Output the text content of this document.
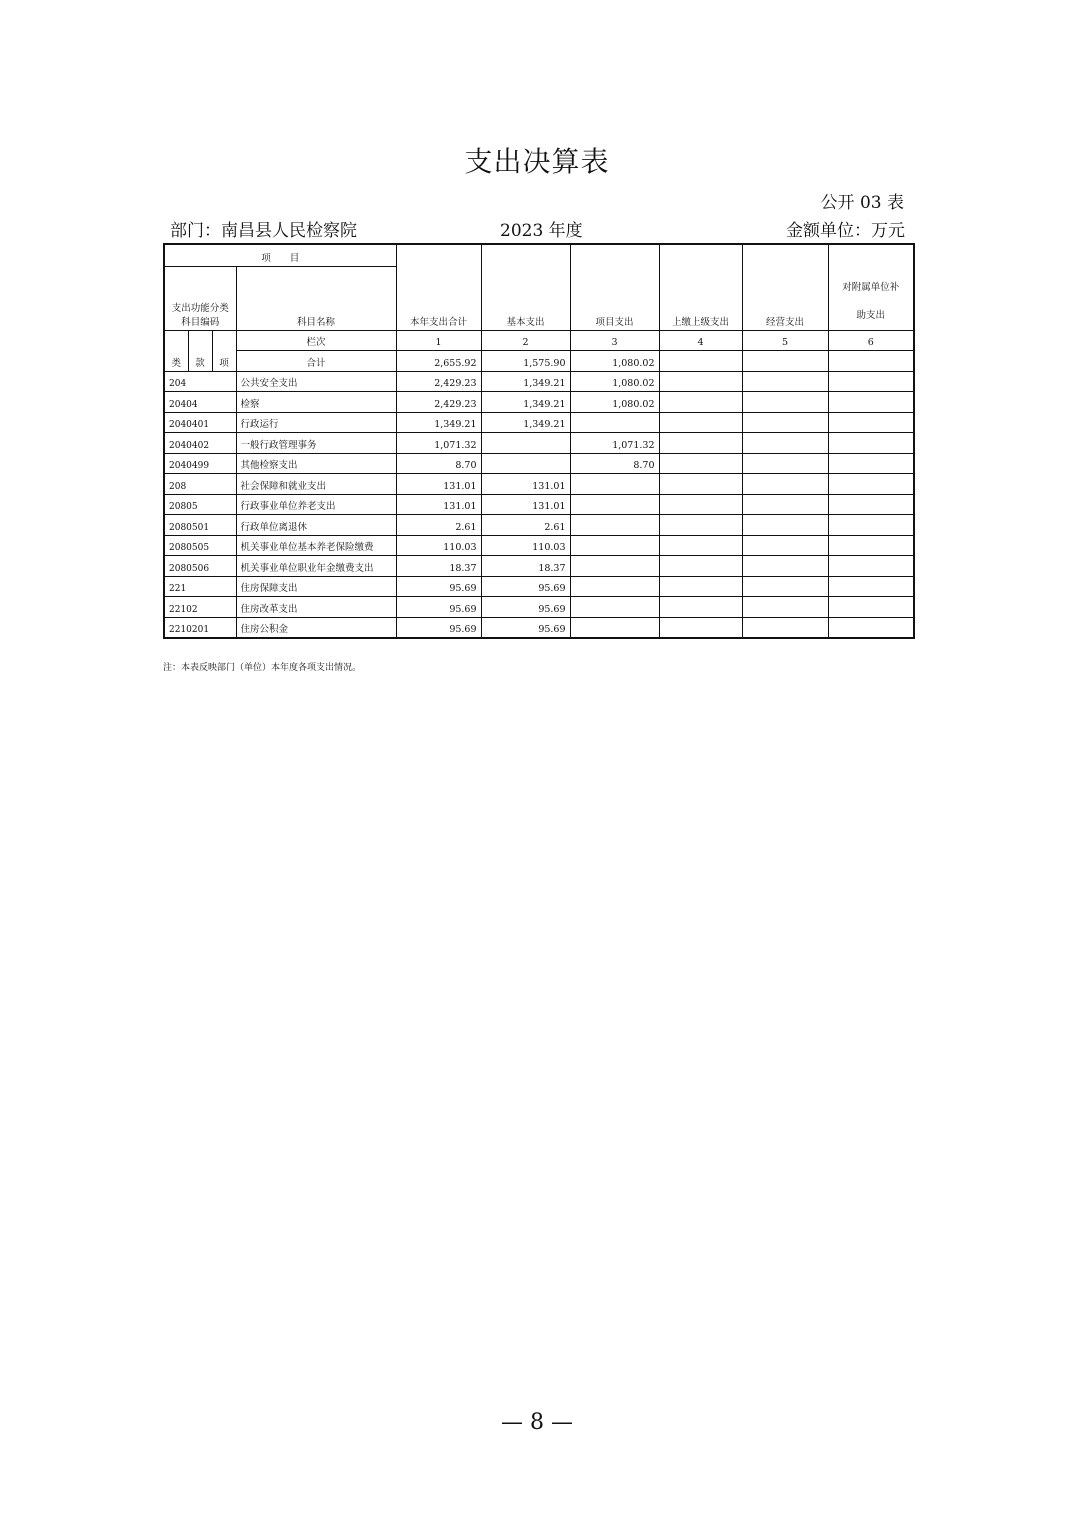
支出决算表
公开 03 表
部门：南昌县人民检察院	2023 年度	金额单位：万元
项　　目				本年支出合计	基本支出	项目支出	上缴上级支出	经营支出	对附属单位补
助支出
支出功能分类
科目编码			科目名称						
类	款	项	栏次	1	2	3	4	5	6
			合计	2,655.92	1,575.90	1,080.02			
204			公共安全支出	2,429.23	1,349.21	1,080.02			
20404			检察	2,429.23	1,349.21	1,080.02			
2040401			行政运行	1,349.21	1,349.21				
2040402			一般行政管理事务	1,071.32		1,071.32			
2040499			其他检察支出	8.70		8.70			
208			社会保障和就业支出	131.01	131.01				
20805			行政事业单位养老支出	131.01	131.01				
2080501			行政单位离退休	2.61	2.61				
2080505			机关事业单位基本养老保险缴费	110.03	110.03				
2080506			机关事业单位职业年金缴费支出	18.37	18.37				
221			住房保障支出	95.69	95.69				
22102			住房改革支出	95.69	95.69				
2210201			住房公积金	95.69	95.69				
注：本表反映部门（单位）本年度各项支出情况。
— 8 —
